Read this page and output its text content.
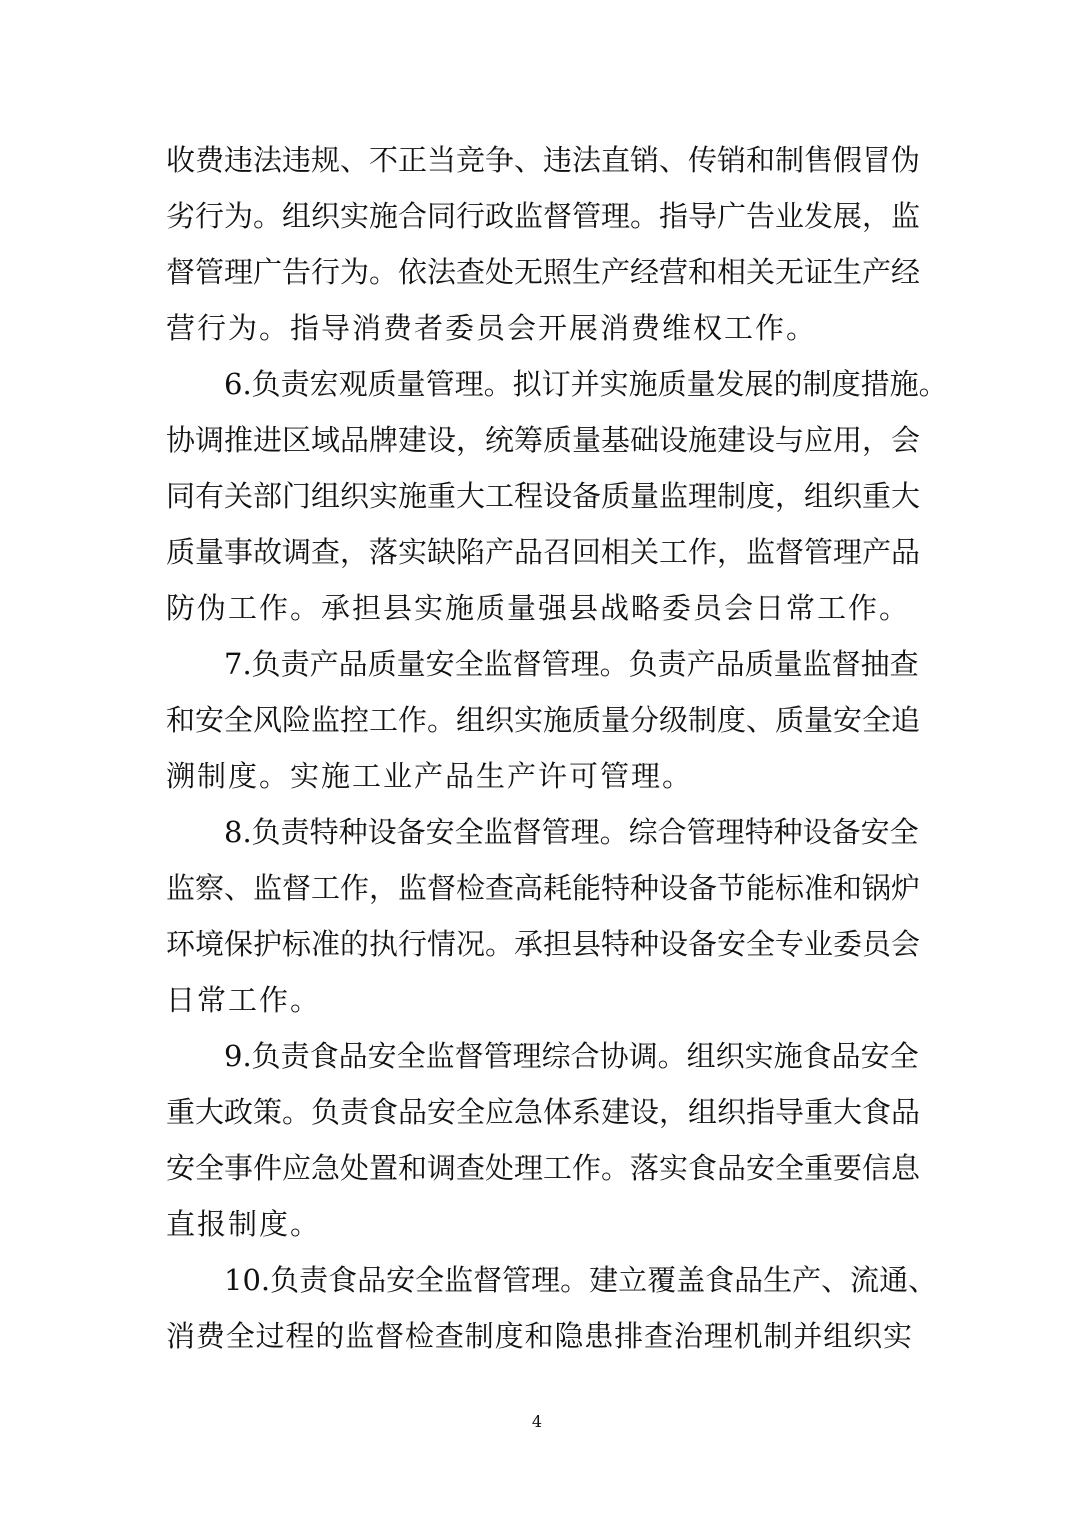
收费违法违规、不正当竞争、违法直销、传销和制售假冒伪
劣行为。组织实施合同行政监督管理。指导广告业发展，监
督管理广告行为。依法查处无照生产经营和相关无证生产经
营行为。指导消费者委员会开展消费维权工作。
　　6.负责宏观质量管理。拟订并实施质量发展的制度措施。
协调推进区域品牌建设，统筹质量基础设施建设与应用，会
同有关部门组织实施重大工程设备质量监理制度，组织重大
质量事故调查，落实缺陷产品召回相关工作，监督管理产品
防伪工作。承担县实施质量强县战略委员会日常工作。
　　7.负责产品质量安全监督管理。负责产品质量监督抽查
和安全风险监控工作。组织实施质量分级制度、质量安全追
溯制度。实施工业产品生产许可管理。
　　8.负责特种设备安全监督管理。综合管理特种设备安全
监察、监督工作，监督检查高耗能特种设备节能标准和锅炉
环境保护标准的执行情况。承担县特种设备安全专业委员会
日常工作。
　　9.负责食品安全监督管理综合协调。组织实施食品安全
重大政策。负责食品安全应急体系建设，组织指导重大食品
安全事件应急处置和调查处理工作。落实食品安全重要信息
直报制度。
　　10.负责食品安全监督管理。建立覆盖食品生产、流通、
消费全过程的监督检查制度和隐患排查治理机制并组织实
4
